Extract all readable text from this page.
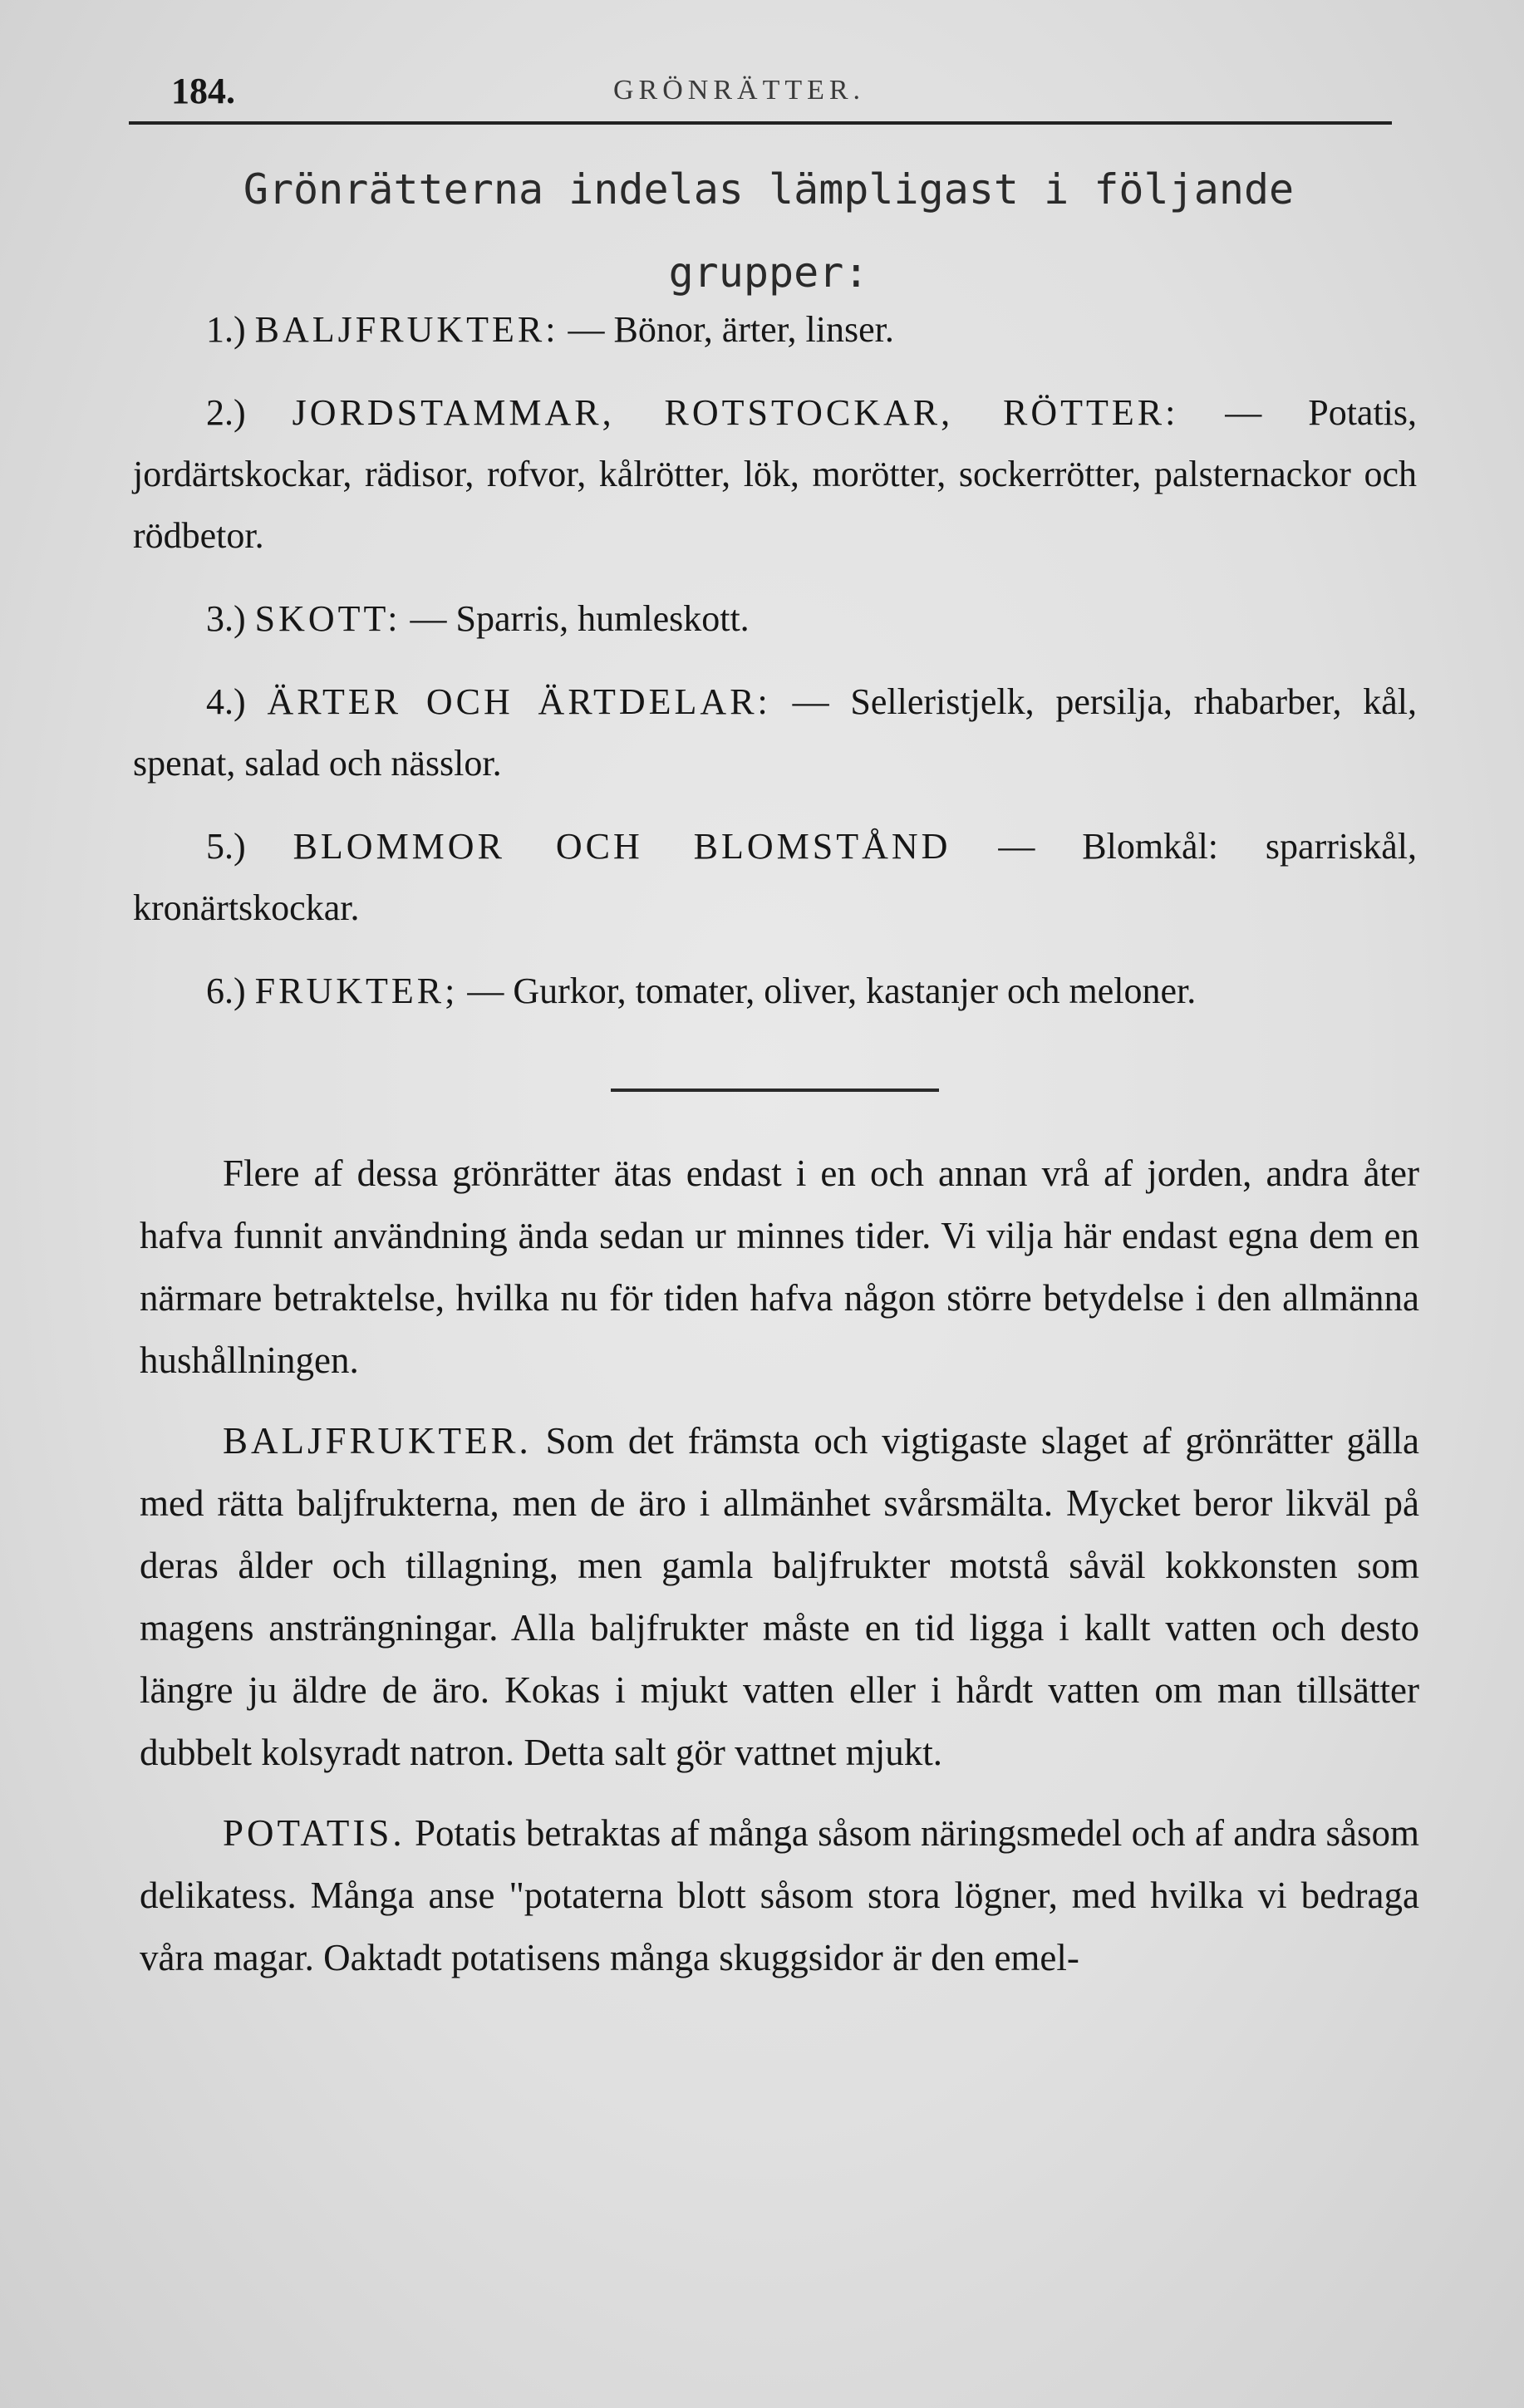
184.	GRÖNRÄTTER.
Grönrätterna indelas lämpligast i följande grupper:

1.) BALJFRUKTER: — Bönor, ärter, linser.

2.) JORDSTAMMAR, ROTSTOCKAR, RÖTTER: — Potatis, jordärtskockar, rädisor, rofvor, kålrötter, lök, morötter, sockerrötter, palsternackor och rödbetor.

3.) SKOTT: — Sparris, humleskott.

4.) ÄRTER OCH ÄRTDELAR: — Selleristjelk, persilja, rhabarber, kål, spenat, salad och nässlor.

5.) BLOMMOR OCH BLOMSTÅND — Blomkål: sparriskål, kronärtskockar.

6.) FRUKTER; — Gurkor, tomater, oliver, kastanjer och meloner.

Flere af dessa grönrätter ätas endast i en och annan vrå af jorden, andra åter hafva funnit användning ända sedan ur minnes tider. Vi vilja här endast egna dem en närmare betraktelse, hvilka nu för tiden hafva någon större betydelse i den allmänna hushållningen.

BALJFRUKTER. Som det främsta och vigtigaste slaget af grönrätter gälla med rätta baljfrukterna, men de äro i allmänhet svårsmälta. Mycket beror likväl på deras ålder och tillagning, men gamla baljfrukter motstå såväl kokkonsten som magens ansträngningar. Alla baljfrukter måste en tid ligga i kallt vatten och desto längre ju äldre de äro. Kokas i mjukt vatten eller i hårdt vatten om man tillsätter dubbelt kolsyradt natron. Detta salt gör vattnet mjukt.

POTATIS. Potatis betraktas af många såsom näringsmedel och af andra såsom delikatess. Många anse "potaterna blott såsom stora lögner, med hvilka vi bedraga våra magar. Oaktadt potatisens många skuggsidor är den emel-
